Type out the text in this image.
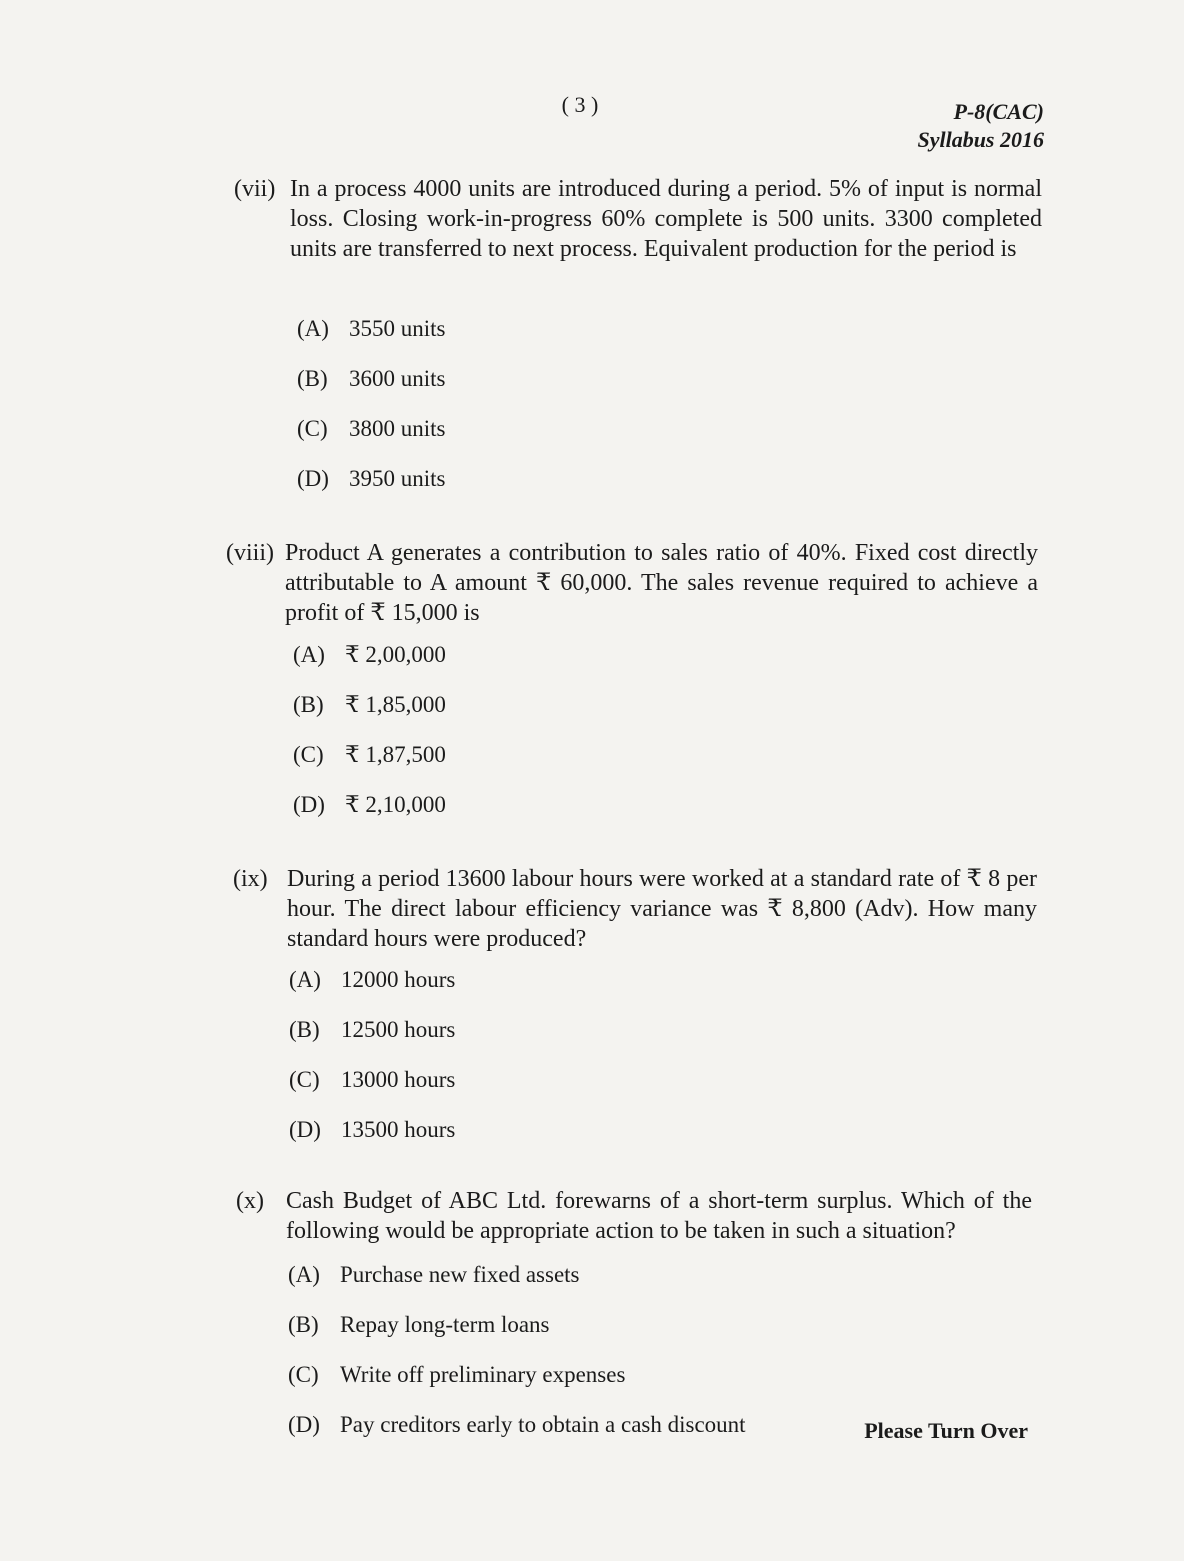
( 3 )	P-8(CAC)
Syllabus 2016
(vii) In a process 4000 units are introduced during a period. 5% of input is normal loss. Closing work-in-progress 60% complete is 500 units. 3300 completed units are transferred to next process. Equivalent production for the period is

(A) 3550 units
(B) 3600 units
(C) 3800 units
(D) 3950 units
(viii) Product A generates a contribution to sales ratio of 40%. Fixed cost directly attributable to A amount ₹ 60,000. The sales revenue required to achieve a profit of ₹ 15,000 is

(A) ₹ 2,00,000
(B) ₹ 1,85,000
(C) ₹ 1,87,500
(D) ₹ 2,10,000
(ix) During a period 13600 labour hours were worked at a standard rate of ₹ 8 per hour. The direct labour efficiency variance was ₹ 8,800 (Adv). How many standard hours were produced?

(A) 12000 hours
(B) 12500 hours
(C) 13000 hours
(D) 13500 hours
(x) Cash Budget of ABC Ltd. forewarns of a short-term surplus. Which of the following would be appropriate action to be taken in such a situation?

(A) Purchase new fixed assets
(B) Repay long-term loans
(C) Write off preliminary expenses
(D) Pay creditors early to obtain a cash discount	Please Turn Over
